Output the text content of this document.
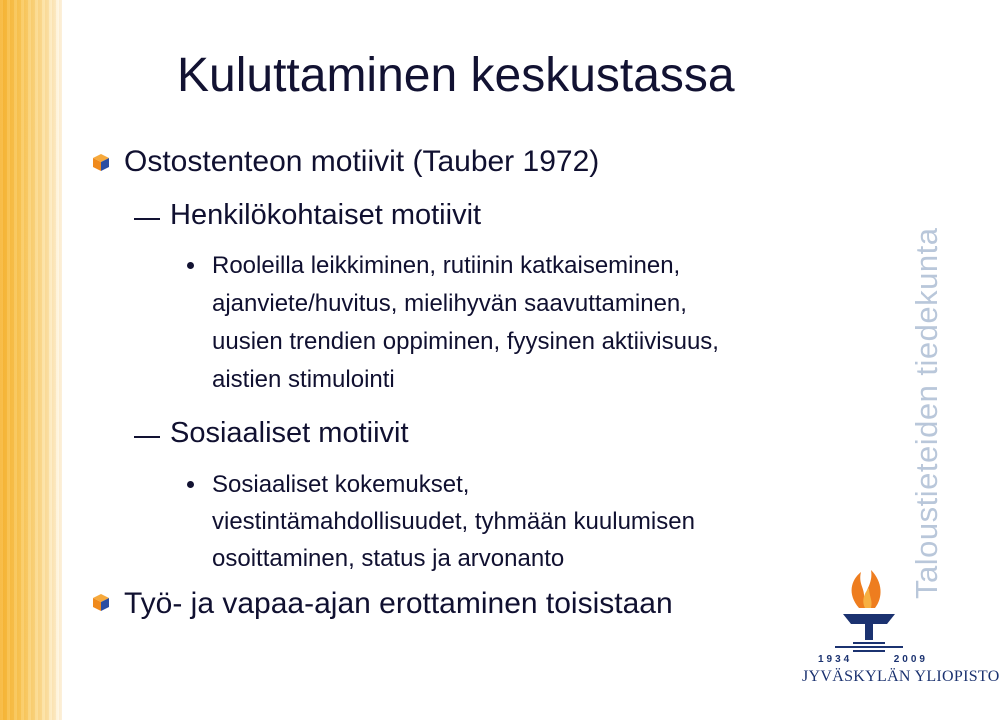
Kuluttaminen keskustassa
Ostostenteon motiivit (Tauber 1972)
Henkilökohtaiset motiivit
Rooleilla leikkiminen, rutiinin katkaiseminen,
ajanviete/huvitus, mielihyvän saavuttaminen,
uusien trendien oppiminen, fyysinen aktiivisuus,
aistien stimulointi
Sosiaaliset motiivit
Sosiaaliset kokemukset,
viestintämahdollisuudet, tyhmään kuulumisen
osoittaminen, status ja arvonanto
Työ- ja vapaa-ajan erottaminen toisistaan
Taloustieteiden tiedekunta
1934	2009
JYVÄSKYLÄN YLIOPISTO
